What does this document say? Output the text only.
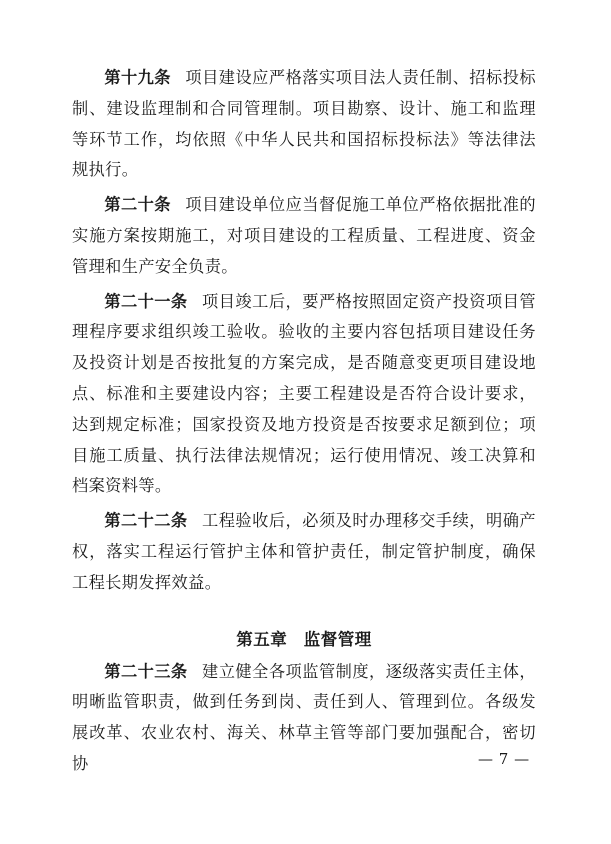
第十九条 项目建设应严格落实项目法人责任制、招标投标制、建设监理制和合同管理制。项目勘察、设计、施工和监理等环节工作，均依照《中华人民共和国招标投标法》等法律法规执行。

第二十条 项目建设单位应当督促施工单位严格依据批准的实施方案按期施工，对项目建设的工程质量、工程进度、资金管理和生产安全负责。

第二十一条 项目竣工后，要严格按照固定资产投资项目管理程序要求组织竣工验收。验收的主要内容包括项目建设任务及投资计划是否按批复的方案完成，是否随意变更项目建设地点、标准和主要建设内容；主要工程建设是否符合设计要求，达到规定标准；国家投资及地方投资是否按要求足额到位；项目施工质量、执行法律法规情况；运行使用情况、竣工决算和档案资料等。

第二十二条 工程验收后，必须及时办理移交手续，明确产权，落实工程运行管护主体和管护责任，制定管护制度，确保工程长期发挥效益。

第五章 监督管理

第二十三条 建立健全各项监管制度，逐级落实责任主体，明晰监管职责，做到任务到岗、责任到人、管理到位。各级发展改革、农业农村、海关、林草主管等部门要加强配合，密切协	— 7 —
